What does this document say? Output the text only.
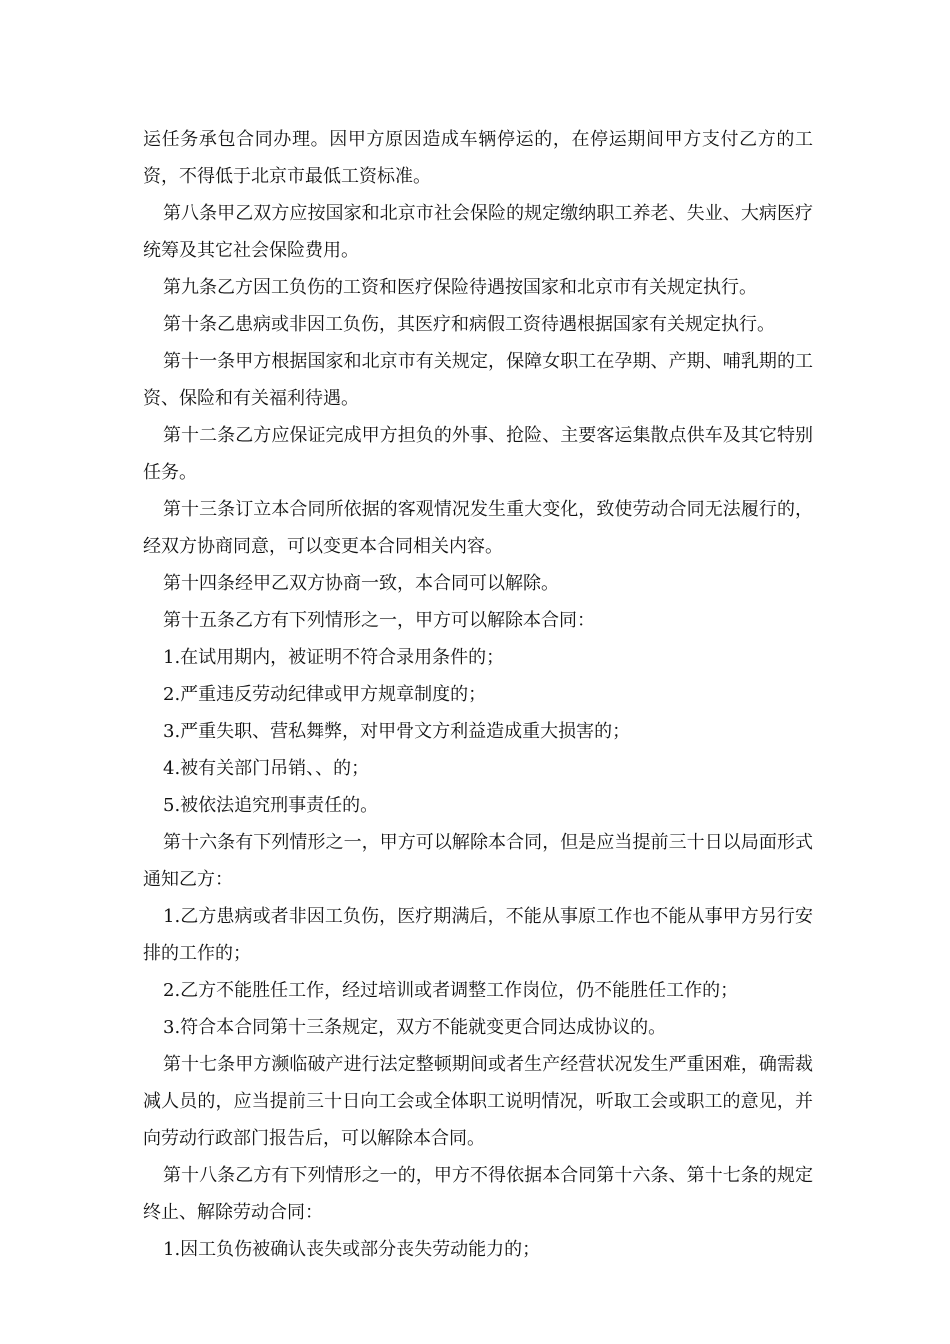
运任务承包合同办理。因甲方原因造成车辆停运的，在停运期间甲方支付乙方的工资，不得低于北京市最低工资标准。

第八条甲乙双方应按国家和北京市社会保险的规定缴纳职工养老、失业、大病医疗统筹及其它社会保险费用。

第九条乙方因工负伤的工资和医疗保险待遇按国家和北京市有关规定执行。

第十条乙患病或非因工负伤，其医疗和病假工资待遇根据国家有关规定执行。

第十一条甲方根据国家和北京市有关规定，保障女职工在孕期、产期、哺乳期的工资、保险和有关福利待遇。

第十二条乙方应保证完成甲方担负的外事、抢险、主要客运集散点供车及其它特别任务。

第十三条订立本合同所依据的客观情况发生重大变化，致使劳动合同无法履行的，经双方协商同意，可以变更本合同相关内容。

第十四条经甲乙双方协商一致，本合同可以解除。

第十五条乙方有下列情形之一，甲方可以解除本合同：

1.在试用期内，被证明不符合录用条件的；

2.严重违反劳动纪律或甲方规章制度的；

3.严重失职、营私舞弊，对甲骨文方利益造成重大损害的；

4.被有关部门吊销、、的；

5.被依法追究刑事责任的。

第十六条有下列情形之一，甲方可以解除本合同，但是应当提前三十日以局面形式通知乙方：

1.乙方患病或者非因工负伤，医疗期满后，不能从事原工作也不能从事甲方另行安排的工作的；

2.乙方不能胜任工作，经过培训或者调整工作岗位，仍不能胜任工作的；

3.符合本合同第十三条规定，双方不能就变更合同达成协议的。

第十七条甲方濒临破产进行法定整顿期间或者生产经营状况发生严重困难，确需裁减人员的，应当提前三十日向工会或全体职工说明情况，听取工会或职工的意见，并向劳动行政部门报告后，可以解除本合同。

第十八条乙方有下列情形之一的，甲方不得依据本合同第十六条、第十七条的规定终止、解除劳动合同：

1.因工负伤被确认丧失或部分丧失劳动能力的；
